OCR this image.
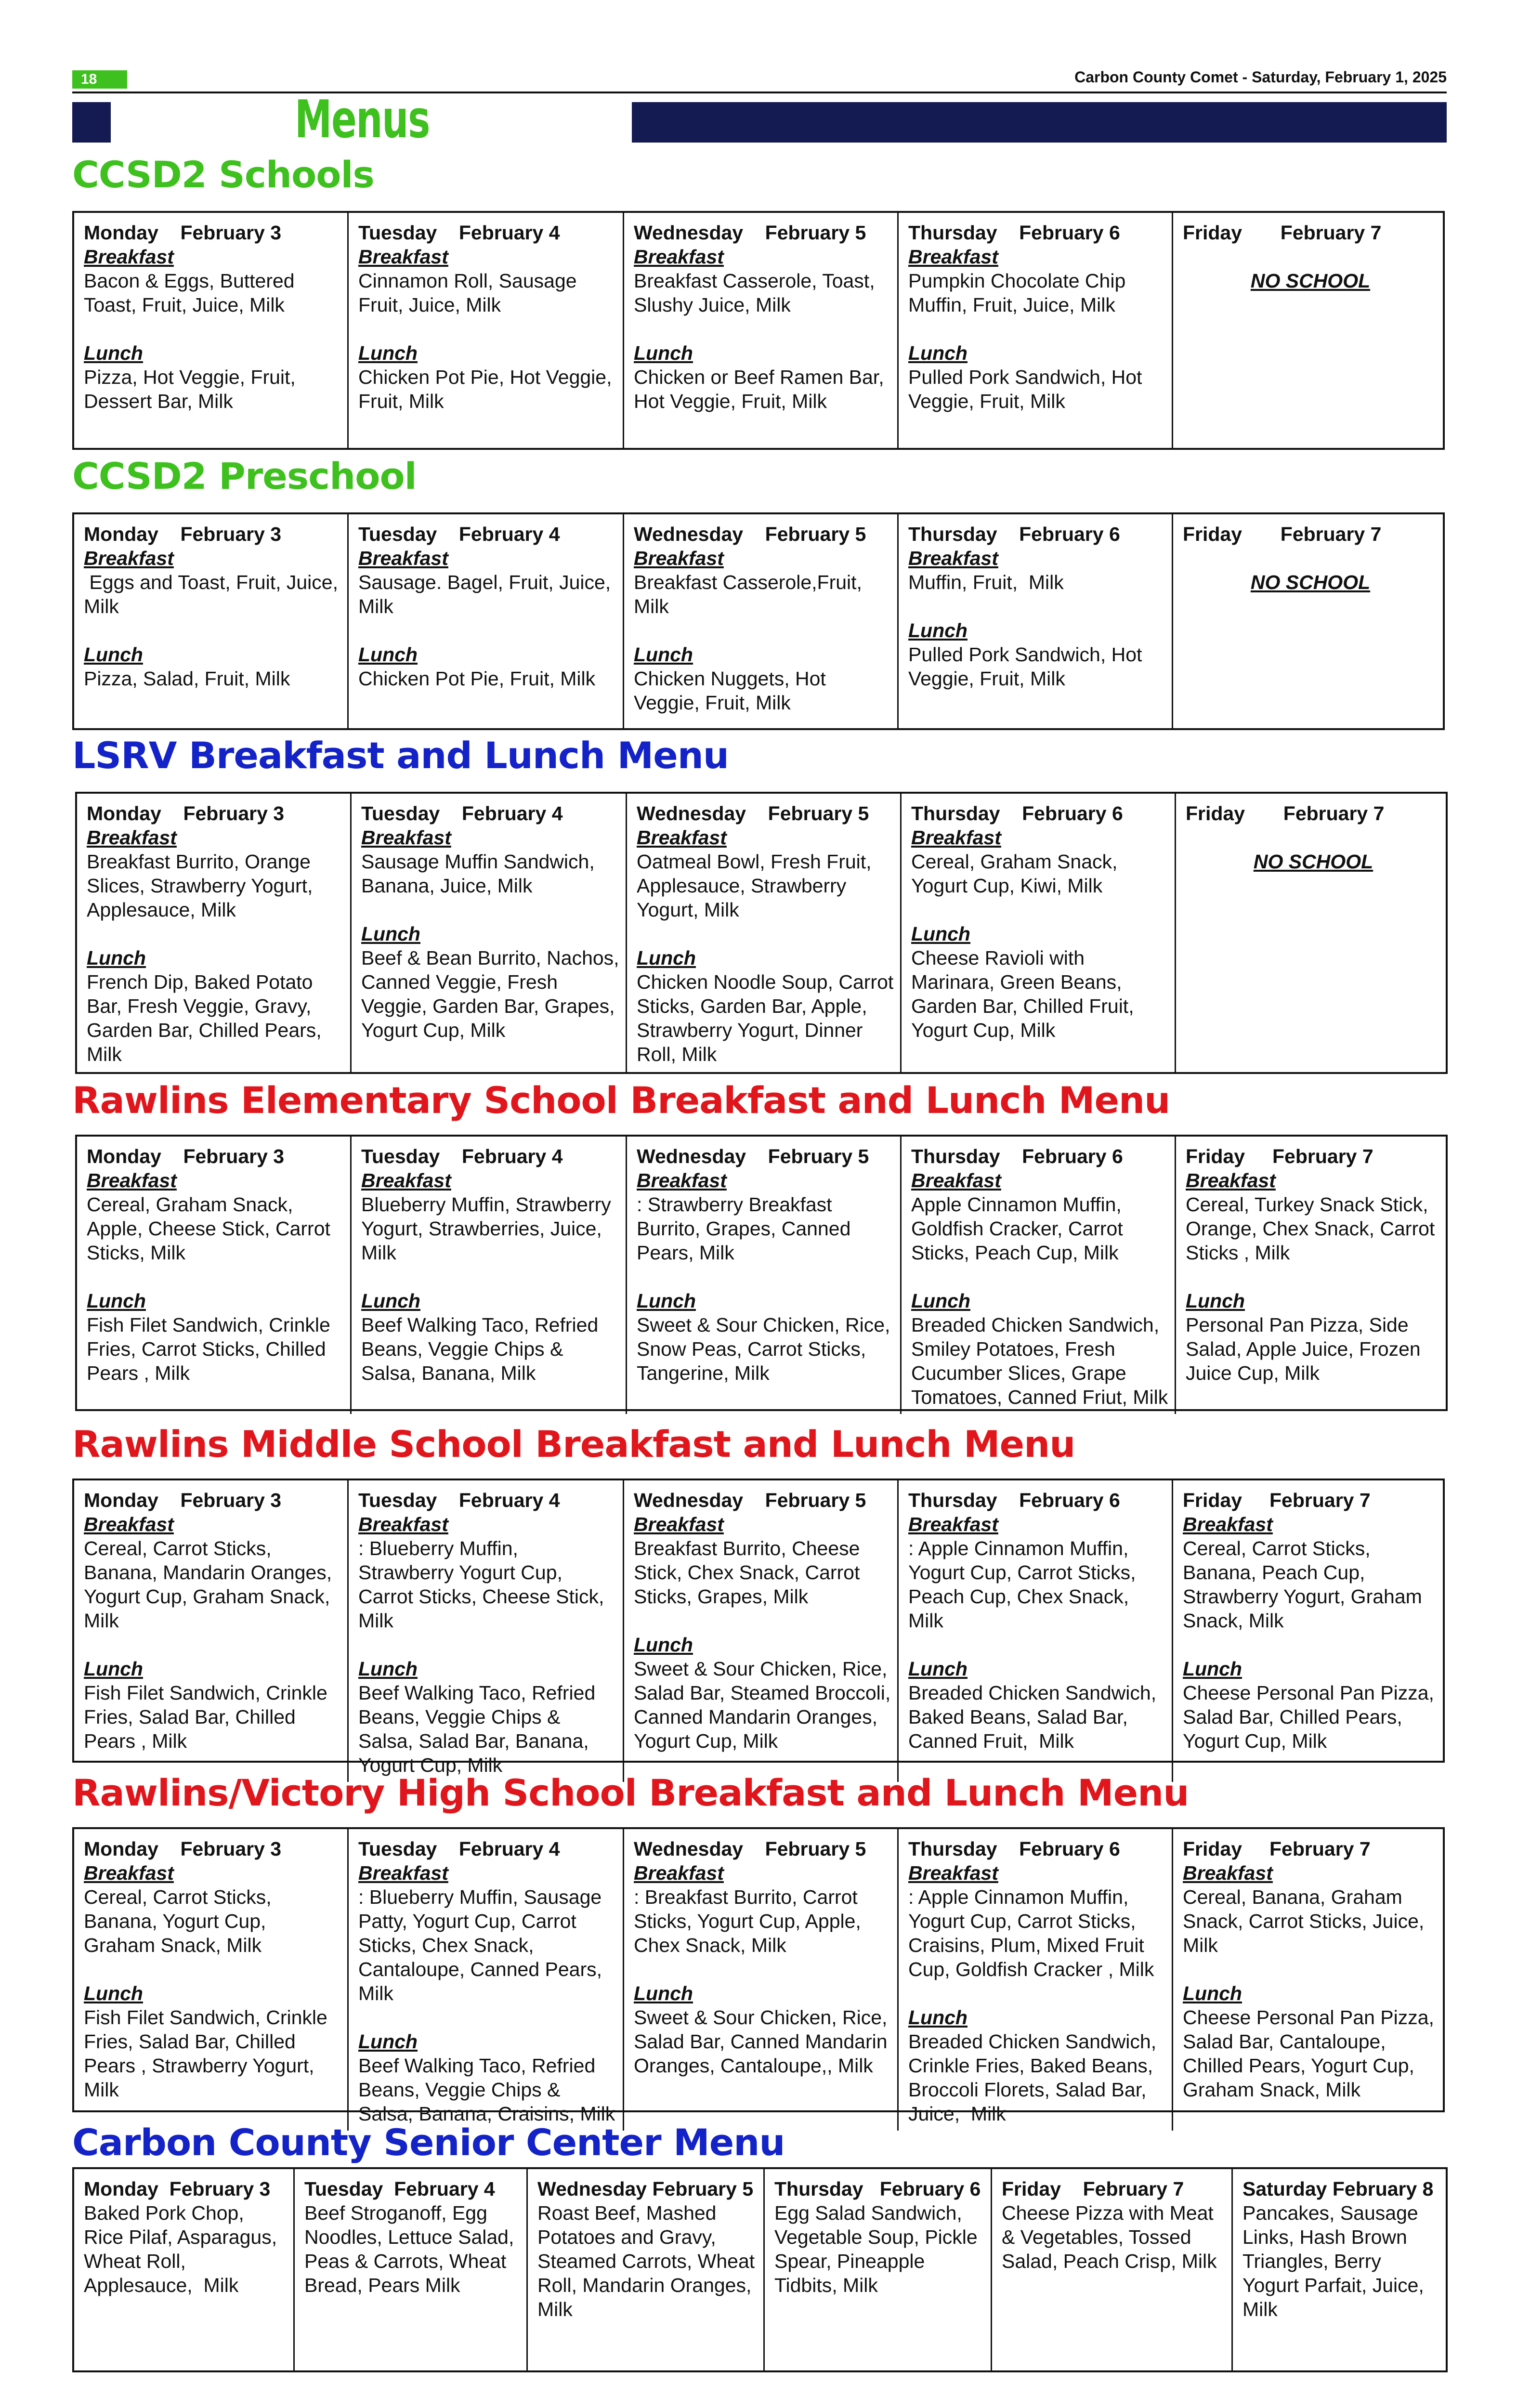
18	Carbon County Comet - Saturday, February 1, 2025
Menus
CCSD2 Schools
Monday    February 3
Breakfast
Bacon & Eggs, Buttered Toast, Fruit, Juice, Milk
Lunch
Pizza, Hot Veggie, Fruit, Dessert Bar, Milk
Tuesday    February 4
Breakfast
Cinnamon Roll, Sausage Fruit, Juice, Milk
Lunch
Chicken Pot Pie, Hot Veggie, Fruit, Milk
Wednesday    February 5
Breakfast
Breakfast Casserole, Toast, Slushy Juice, Milk
Lunch
Chicken or Beef Ramen Bar, Hot Veggie, Fruit, Milk
Thursday    February 6
Breakfast
Pumpkin Chocolate Chip Muffin, Fruit, Juice, Milk
Lunch
Pulled Pork Sandwich, Hot Veggie, Fruit, Milk
Friday       February 7
NO SCHOOL
CCSD2 Preschool
Monday    February 3
Breakfast
Eggs and Toast, Fruit, Juice, Milk
Lunch
Pizza, Salad, Fruit, Milk
Tuesday    February 4
Breakfast
Sausage. Bagel, Fruit, Juice, Milk
Lunch
Chicken Pot Pie, Fruit, Milk
Wednesday    February 5
Breakfast
Breakfast Casserole,Fruit, Milk
Lunch
Chicken Nuggets, Hot Veggie, Fruit, Milk
Thursday    February 6
Breakfast
Muffin, Fruit,  Milk
Lunch
Pulled Pork Sandwich, Hot Veggie, Fruit, Milk
Friday       February 7
NO SCHOOL
LSRV Breakfast and Lunch Menu
Monday    February 3
Breakfast
Breakfast Burrito, Orange Slices, Strawberry Yogurt, Applesauce, Milk
Lunch
French Dip, Baked Potato Bar, Fresh Veggie, Gravy, Garden Bar, Chilled Pears, Milk
Tuesday    February 4
Breakfast
Sausage Muffin Sandwich, Banana, Juice, Milk
Lunch
Beef & Bean Burrito, Nachos, Canned Veggie, Fresh Veggie, Garden Bar, Grapes, Yogurt Cup, Milk
Wednesday    February 5
Breakfast
Oatmeal Bowl, Fresh Fruit, Applesauce, Strawberry Yogurt, Milk
Lunch
Chicken Noodle Soup, Carrot Sticks, Garden Bar, Apple, Strawberry Yogurt, Dinner Roll, Milk
Thursday    February 6
Breakfast
Cereal, Graham Snack, Yogurt Cup, Kiwi, Milk
Lunch
Cheese Ravioli with Marinara, Green Beans, Garden Bar, Chilled Fruit, Yogurt Cup, Milk
Friday       February 7
NO SCHOOL
Rawlins Elementary School Breakfast and Lunch Menu
Monday    February 3
Breakfast
Cereal, Graham Snack, Apple, Cheese Stick, Carrot Sticks, Milk
Lunch
Fish Filet Sandwich, Crinkle Fries, Carrot Sticks, Chilled Pears , Milk
Tuesday    February 4
Breakfast
Blueberry Muffin, Strawberry Yogurt, Strawberries, Juice, Milk
Lunch
Beef Walking Taco, Refried Beans, Veggie Chips & Salsa, Banana, Milk
Wednesday    February 5
Breakfast
: Strawberry Breakfast Burrito, Grapes, Canned Pears, Milk
Lunch
Sweet & Sour Chicken, Rice, Snow Peas, Carrot Sticks, Tangerine, Milk
Thursday    February 6
Breakfast
Apple Cinnamon Muffin, Goldfish Cracker, Carrot Sticks, Peach Cup, Milk
Lunch
Breaded Chicken Sandwich, Smiley Potatoes, Fresh Cucumber Slices, Grape Tomatoes, Canned Friut, Milk
Friday     February 7
Breakfast
Cereal, Turkey Snack Stick, Orange, Chex Snack, Carrot Sticks , Milk
Lunch
Personal Pan Pizza, Side Salad, Apple Juice, Frozen Juice Cup, Milk
Rawlins Middle School Breakfast and Lunch Menu
Monday    February 3
Breakfast
Cereal, Carrot Sticks, Banana, Mandarin Oranges, Yogurt Cup, Graham Snack, Milk
Lunch
Fish Filet Sandwich, Crinkle Fries, Salad Bar, Chilled Pears , Milk
Tuesday    February 4
Breakfast
: Blueberry Muffin, Strawberry Yogurt Cup, Carrot Sticks, Cheese Stick, Milk
Lunch
Beef Walking Taco, Refried Beans, Veggie Chips & Salsa, Salad Bar, Banana, Yogurt Cup, Milk
Wednesday    February 5
Breakfast
Breakfast Burrito, Cheese Stick, Chex Snack, Carrot Sticks, Grapes, Milk
Lunch
Sweet & Sour Chicken, Rice, Salad Bar, Steamed Broccoli, Canned Mandarin Oranges, Yogurt Cup, Milk
Thursday    February 6
Breakfast
: Apple Cinnamon Muffin, Yogurt Cup, Carrot Sticks, Peach Cup, Chex Snack, Milk
Lunch
Breaded Chicken Sandwich, Baked Beans, Salad Bar, Canned Fruit,  Milk
Friday     February 7
Breakfast
Cereal, Carrot Sticks, Banana, Peach Cup, Strawberry Yogurt, Graham Snack, Milk
Lunch
Cheese Personal Pan Pizza, Salad Bar, Chilled Pears, Yogurt Cup, Milk
Rawlins/Victory High School Breakfast and Lunch Menu
Monday    February 3
Breakfast
Cereal, Carrot Sticks, Banana, Yogurt Cup, Graham Snack, Milk
Lunch
Fish Filet Sandwich, Crinkle Fries, Salad Bar, Chilled Pears , Strawberry Yogurt, Milk
Tuesday    February 4
Breakfast
: Blueberry Muffin, Sausage Patty, Yogurt Cup, Carrot Sticks, Chex Snack, Cantaloupe, Canned Pears, Milk
Lunch
Beef Walking Taco, Refried Beans, Veggie Chips & Salsa, Banana, Craisins, Milk
Wednesday    February 5
Breakfast
: Breakfast Burrito, Carrot Sticks, Yogurt Cup, Apple, Chex Snack, Milk
Lunch
Sweet & Sour Chicken, Rice, Salad Bar, Canned Mandarin Oranges, Cantaloupe,, Milk
Thursday    February 6
Breakfast
: Apple Cinnamon Muffin, Yogurt Cup, Carrot Sticks, Craisins, Plum, Mixed Fruit Cup, Goldfish Cracker , Milk
Lunch
Breaded Chicken Sandwich, Crinkle Fries, Baked Beans, Broccoli Florets, Salad Bar, Juice,  Milk
Friday     February 7
Breakfast
Cereal, Banana, Graham Snack, Carrot Sticks, Juice, Milk
Lunch
Cheese Personal Pan Pizza, Salad Bar, Cantaloupe, Chilled Pears, Yogurt Cup, Graham Snack, Milk
Carbon County Senior Center Menu
Monday  February 3
Baked Pork Chop, Rice Pilaf, Asparagus, Wheat Roll, Applesauce,  Milk
Tuesday  February 4
Beef Stroganoff, Egg Noodles, Lettuce Salad, Peas & Carrots, Wheat Bread, Pears Milk
Wednesday February 5
Roast Beef, Mashed Potatoes and Gravy, Steamed Carrots, Wheat Roll, Mandarin Oranges, Milk
Thursday   February 6
Egg Salad Sandwich, Vegetable Soup, Pickle Spear, Pineapple Tidbits, Milk
Friday    February 7
Cheese Pizza with Meat & Vegetables, Tossed Salad, Peach Crisp, Milk
Saturday February 8
Pancakes, Sausage Links, Hash Brown Triangles, Berry Yogurt Parfait, Juice, Milk
